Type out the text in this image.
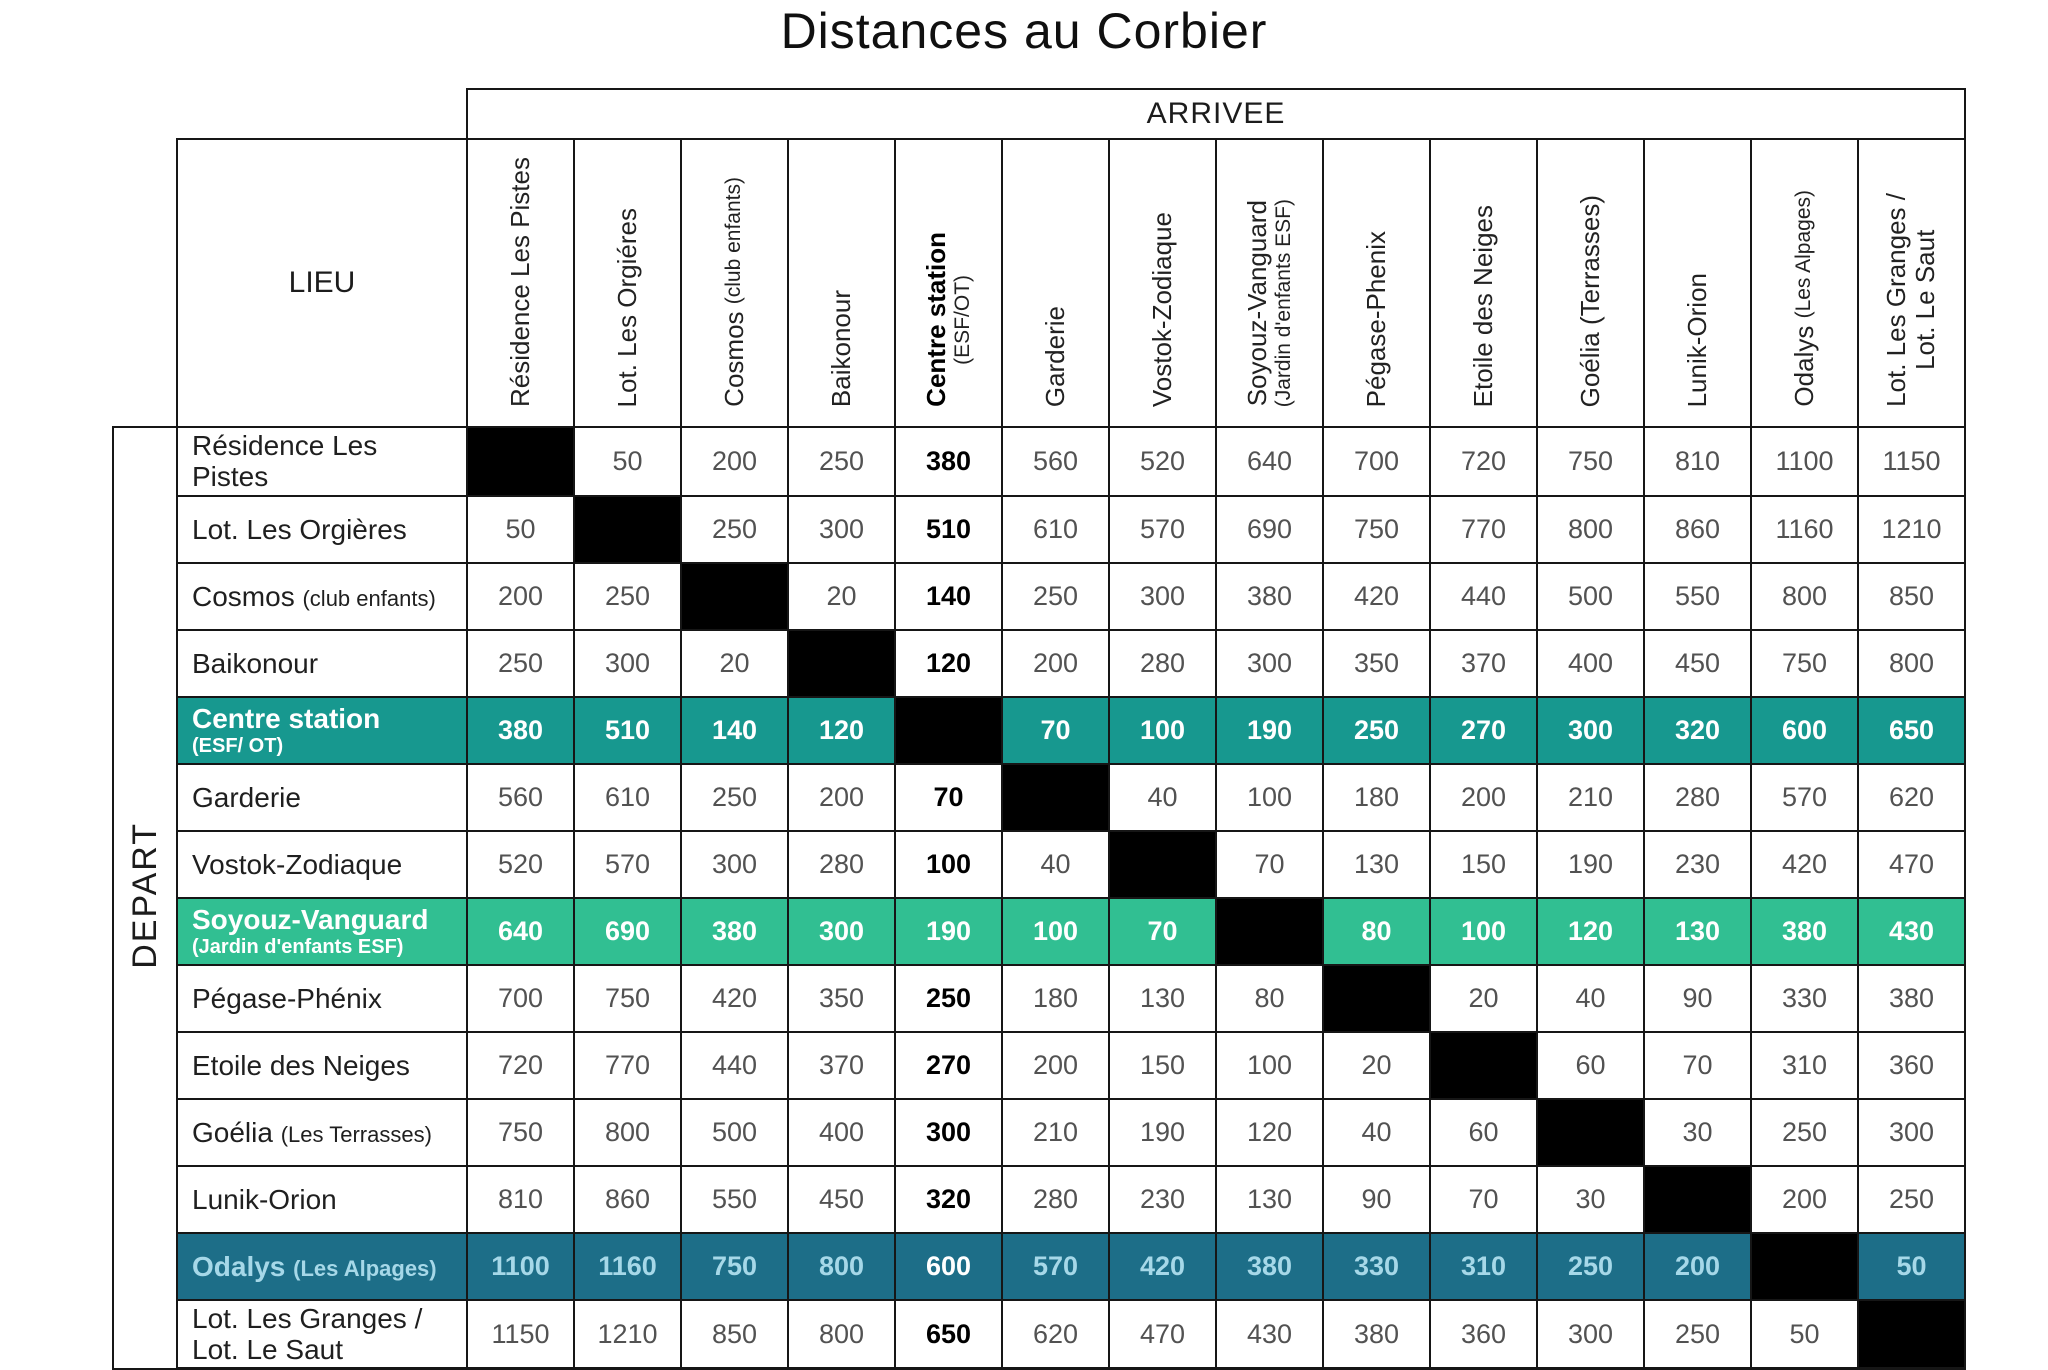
Distances au Corbier
		ARRIVEE													
	LIEU	Résidence Les Pistes	Lot. Les Orgiéres	Cosmos (club enfants)	Baikonour	Centre station (ESF/OT)	Garderie	Vostok-Zodiaque	Soyouz-Vanguard (Jardin d'enfants ESF)	Pégase-Phenix	Etoile des Neiges	Goélia (Terrasses)	Lunik-Orion	Odalys (Les Alpages)	Lot. Les Granges / Lot. Le Saut

DEPART	Résidence Les Pistes		50	200	250	380	560	520	640	700	720	750	810	1100	1150
	Lot. Les Orgières	50		250	300	510	610	570	690	750	770	800	860	1160	1210
	Cosmos (club enfants)	200	250		20	140	250	300	380	420	440	500	550	800	850
	Baikonour	250	300	20		120	200	280	300	350	370	400	450	750	800

	Centre station
(ESF/ OT)	380	510	140	120		70	100	190	250	270	300	320	600	650
	Garderie	560	610	250	200	70		40	100	180	200	210	280	570	620
	Vostok-Zodiaque	520	570	300	280	100	40		70	130	150	190	230	420	470

	Soyouz-Vanguard
(Jardin d'enfants ESF)	640	690	380	300	190	100	70		80	100	120	130	380	430
	Pégase-Phénix	700	750	420	350	250	180	130	80		20	40	90	330	380
	Etoile des Neiges	720	770	440	370	270	200	150	100	20		60	70	310	360
	Goélia (Les Terrasses)	750	800	500	400	300	210	190	120	40	60		30	250	300
	Lunik-Orion	810	860	550	450	320	280	230	130	90	70	30		200	250
	Odalys (Les Alpages)	1100	1160	750	800	600	570	420	380	330	310	250	200		50

	Lot. Les Granges /
Lot. Le Saut	1150	1210	850	800	650	620	470	430	380	360	300	250	50	
